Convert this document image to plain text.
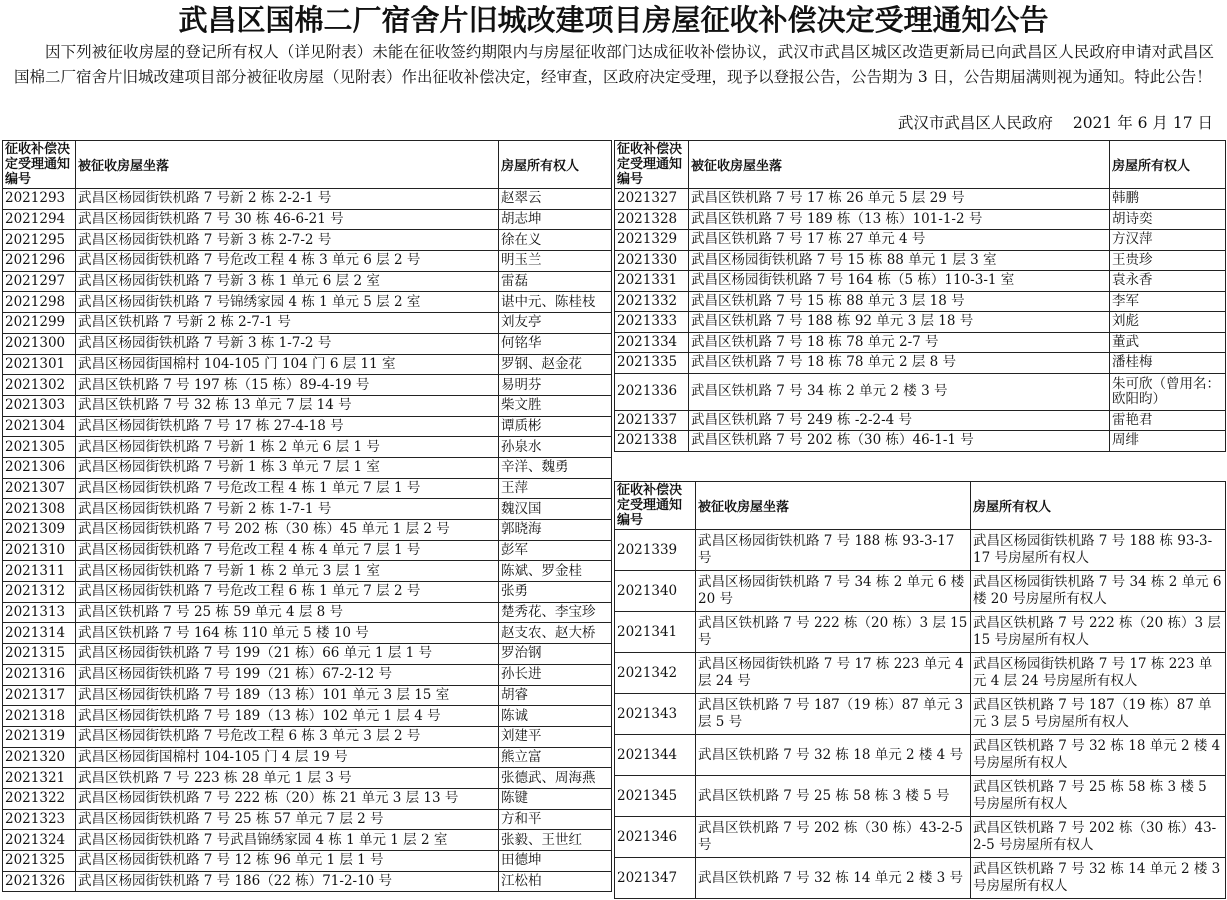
武昌区国棉二厂宿舍片旧城改建项目房屋征收补偿决定受理通知公告
因下列被征收房屋的登记所有权人（详见附表）未能在征收签约期限内与房屋征收部门达成征收补偿协议，武汉市武昌区城区改造更新局已向武昌区人民政府申请对武昌区国棉二厂宿舍片旧城改建项目部分被征收房屋（见附表）作出征收补偿决定，经审查，区政府决定受理，现予以登报公告，公告期为 3 日，公告期届满则视为通知。特此公告！
武汉市武昌区人民政府 2021 年 6 月 17 日
征收补偿决定受理通知编号	被征收房屋坐落	房屋所有权人
2021293	武昌区杨园街铁机路 7 号新 2 栋 2-2-1 号	赵翠云
2021294	武昌区杨园街铁机路 7 号 30 栋 46-6-21 号	胡志坤
2021295	武昌区杨园街铁机路 7 号新 3 栋 2-7-2 号	徐在义
2021296	武昌区杨园街铁机路 7 号危改工程 4 栋 3 单元 6 层 2 号	明玉兰
2021297	武昌区杨园街铁机路 7 号新 3 栋 1 单元 6 层 2 室	雷磊
2021298	武昌区杨园街铁机路 7 号锦绣家园 4 栋 1 单元 5 层 2 室	谌中元、陈桂枝
2021299	武昌区铁机路 7 号新 2 栋 2-7-1 号	刘友亭
2021300	武昌区杨园街铁机路 7 号新 3 栋 1-7-2 号	何铭华
2021301	武昌区杨园街国棉村 104-105 门 104 门 6 层 11 室	罗钢、赵金花
2021302	武昌区铁机路 7 号 197 栋（15 栋）89-4-19 号	易明芬
2021303	武昌区铁机路 7 号 32 栋 13 单元 7 层 14 号	柴文胜
2021304	武昌区杨园街铁机路 7 号 17 栋 27-4-18 号	谭质彬
2021305	武昌区杨园街铁机路 7 号新 1 栋 2 单元 6 层 1 号	孙泉水
2021306	武昌区杨园街铁机路 7 号新 1 栋 3 单元 7 层 1 室	辛洋、魏勇
2021307	武昌区杨园街铁机路 7 号危改工程 4 栋 1 单元 7 层 1 号	王萍
2021308	武昌区杨园街铁机路 7 号新 2 栋 1-7-1 号	魏汉国
2021309	武昌区杨园街铁机路 7 号 202 栋（30 栋）45 单元 1 层 2 号	郭晓海
2021310	武昌区杨园街铁机路 7 号危改工程 4 栋 4 单元 7 层 1 号	彭军
2021311	武昌区杨园街铁机路 7 号新 1 栋 2 单元 3 层 1 室	陈斌、罗金桂
2021312	武昌区杨园街铁机路 7 号危改工程 6 栋 1 单元 7 层 2 号	张勇
2021313	武昌区铁机路 7 号 25 栋 59 单元 4 层 8 号	楚秀花、李宝珍
2021314	武昌区铁机路 7 号 164 栋 110 单元 5 楼 10 号	赵支农、赵大桥
2021315	武昌区杨园街铁机路 7 号 199（21 栋）66 单元 1 层 1 号	罗治钢
2021316	武昌区杨园街铁机路 7 号 199（21 栋）67-2-12 号	孙长进
2021317	武昌区杨园街铁机路 7 号 189（13 栋）101 单元 3 层 15 室	胡睿
2021318	武昌区杨园街铁机路 7 号 189（13 栋）102 单元 1 层 4 号	陈诚
2021319	武昌区杨园街铁机路 7 号危改工程 6 栋 3 单元 3 层 2 号	刘建平
2021320	武昌区杨园街国棉村 104-105 门 4 层 19 号	熊立富
2021321	武昌区铁机路 7 号 223 栋 28 单元 1 层 3 号	张德武、周海燕
2021322	武昌区杨园街铁机路 7 号 222 栋（20）栋 21 单元 3 层 13 号	陈键
2021323	武昌区杨园街铁机路 7 号 25 栋 57 单元 7 层 2 号	方和平
2021324	武昌区杨园街铁机路 7 号武昌锦绣家园 4 栋 1 单元 1 层 2 室	张毅、王世红
2021325	武昌区杨园街铁机路 7 号 12 栋 96 单元 1 层 1 号	田德坤
2021326	武昌区杨园街铁机路 7 号 186（22 栋）71-2-10 号	江松柏
征收补偿决定受理通知编号	被征收房屋坐落	房屋所有权人
2021327	武昌区铁机路 7 号 17 栋 26 单元 5 层 29 号	韩鹏
2021328	武昌区铁机路 7 号 189 栋（13 栋）101-1-2 号	胡诗奕
2021329	武昌区铁机路 7 号 17 栋 27 单元 4 号	方汉萍
2021330	武昌区杨园街铁机路 7 号 15 栋 88 单元 1 层 3 室	王贵珍
2021331	武昌区杨园街铁机路 7 号 164 栋（5 栋）110-3-1 室	袁永香
2021332	武昌区铁机路 7 号 15 栋 88 单元 3 层 18 号	李军
2021333	武昌区铁机路 7 号 188 栋 92 单元 3 层 18 号	刘彪
2021334	武昌区铁机路 7 号 18 栋 78 单元 2-7 号	董武
2021335	武昌区铁机路 7 号 18 栋 78 单元 2 层 8 号	潘桂梅
2021336	武昌区铁机路 7 号 34 栋 2 单元 2 楼 3 号	朱可欣（曾用名：欧阳昀）
2021337	武昌区铁机路 7 号 249 栋 -2-2-4 号	雷艳君
2021338	武昌区铁机路 7 号 202 栋（30 栋）46-1-1 号	周绯
征收补偿决定受理通知编号	被征收房屋坐落	房屋所有权人
2021339	武昌区杨园街铁机路 7 号 188 栋 93-3-17 号	武昌区杨园街铁机路 7 号 188 栋 93-3-17 号房屋所有权人
2021340	武昌区杨园街铁机路 7 号 34 栋 2 单元 6 楼 20 号	武昌区杨园街铁机路 7 号 34 栋 2 单元 6 楼 20 号房屋所有权人
2021341	武昌区铁机路 7 号 222 栋（20 栋）3 层 15 号	武昌区铁机路 7 号 222 栋（20 栋）3 层 15 号房屋所有权人
2021342	武昌区杨园街铁机路 7 号 17 栋 223 单元 4 层 24 号	武昌区杨园街铁机路 7 号 17 栋 223 单元 4 层 24 号房屋所有权人
2021343	武昌区铁机路 7 号 187（19 栋）87 单元 3 层 5 号	武昌区铁机路 7 号 187（19 栋）87 单元 3 层 5 号房屋所有权人
2021344	武昌区铁机路 7 号 32 栋 18 单元 2 楼 4 号	武昌区铁机路 7 号 32 栋 18 单元 2 楼 4 号房屋所有权人
2021345	武昌区铁机路 7 号 25 栋 58 栋 3 楼 5 号	武昌区铁机路 7 号 25 栋 58 栋 3 楼 5 号房屋所有权人
2021346	武昌区铁机路 7 号 202 栋（30 栋）43-2-5 号	武昌区铁机路 7 号 202 栋（30 栋）43-2-5 号房屋所有权人
2021347	武昌区铁机路 7 号 32 栋 14 单元 2 楼 3 号	武昌区铁机路 7 号 32 栋 14 单元 2 楼 3 号房屋所有权人
